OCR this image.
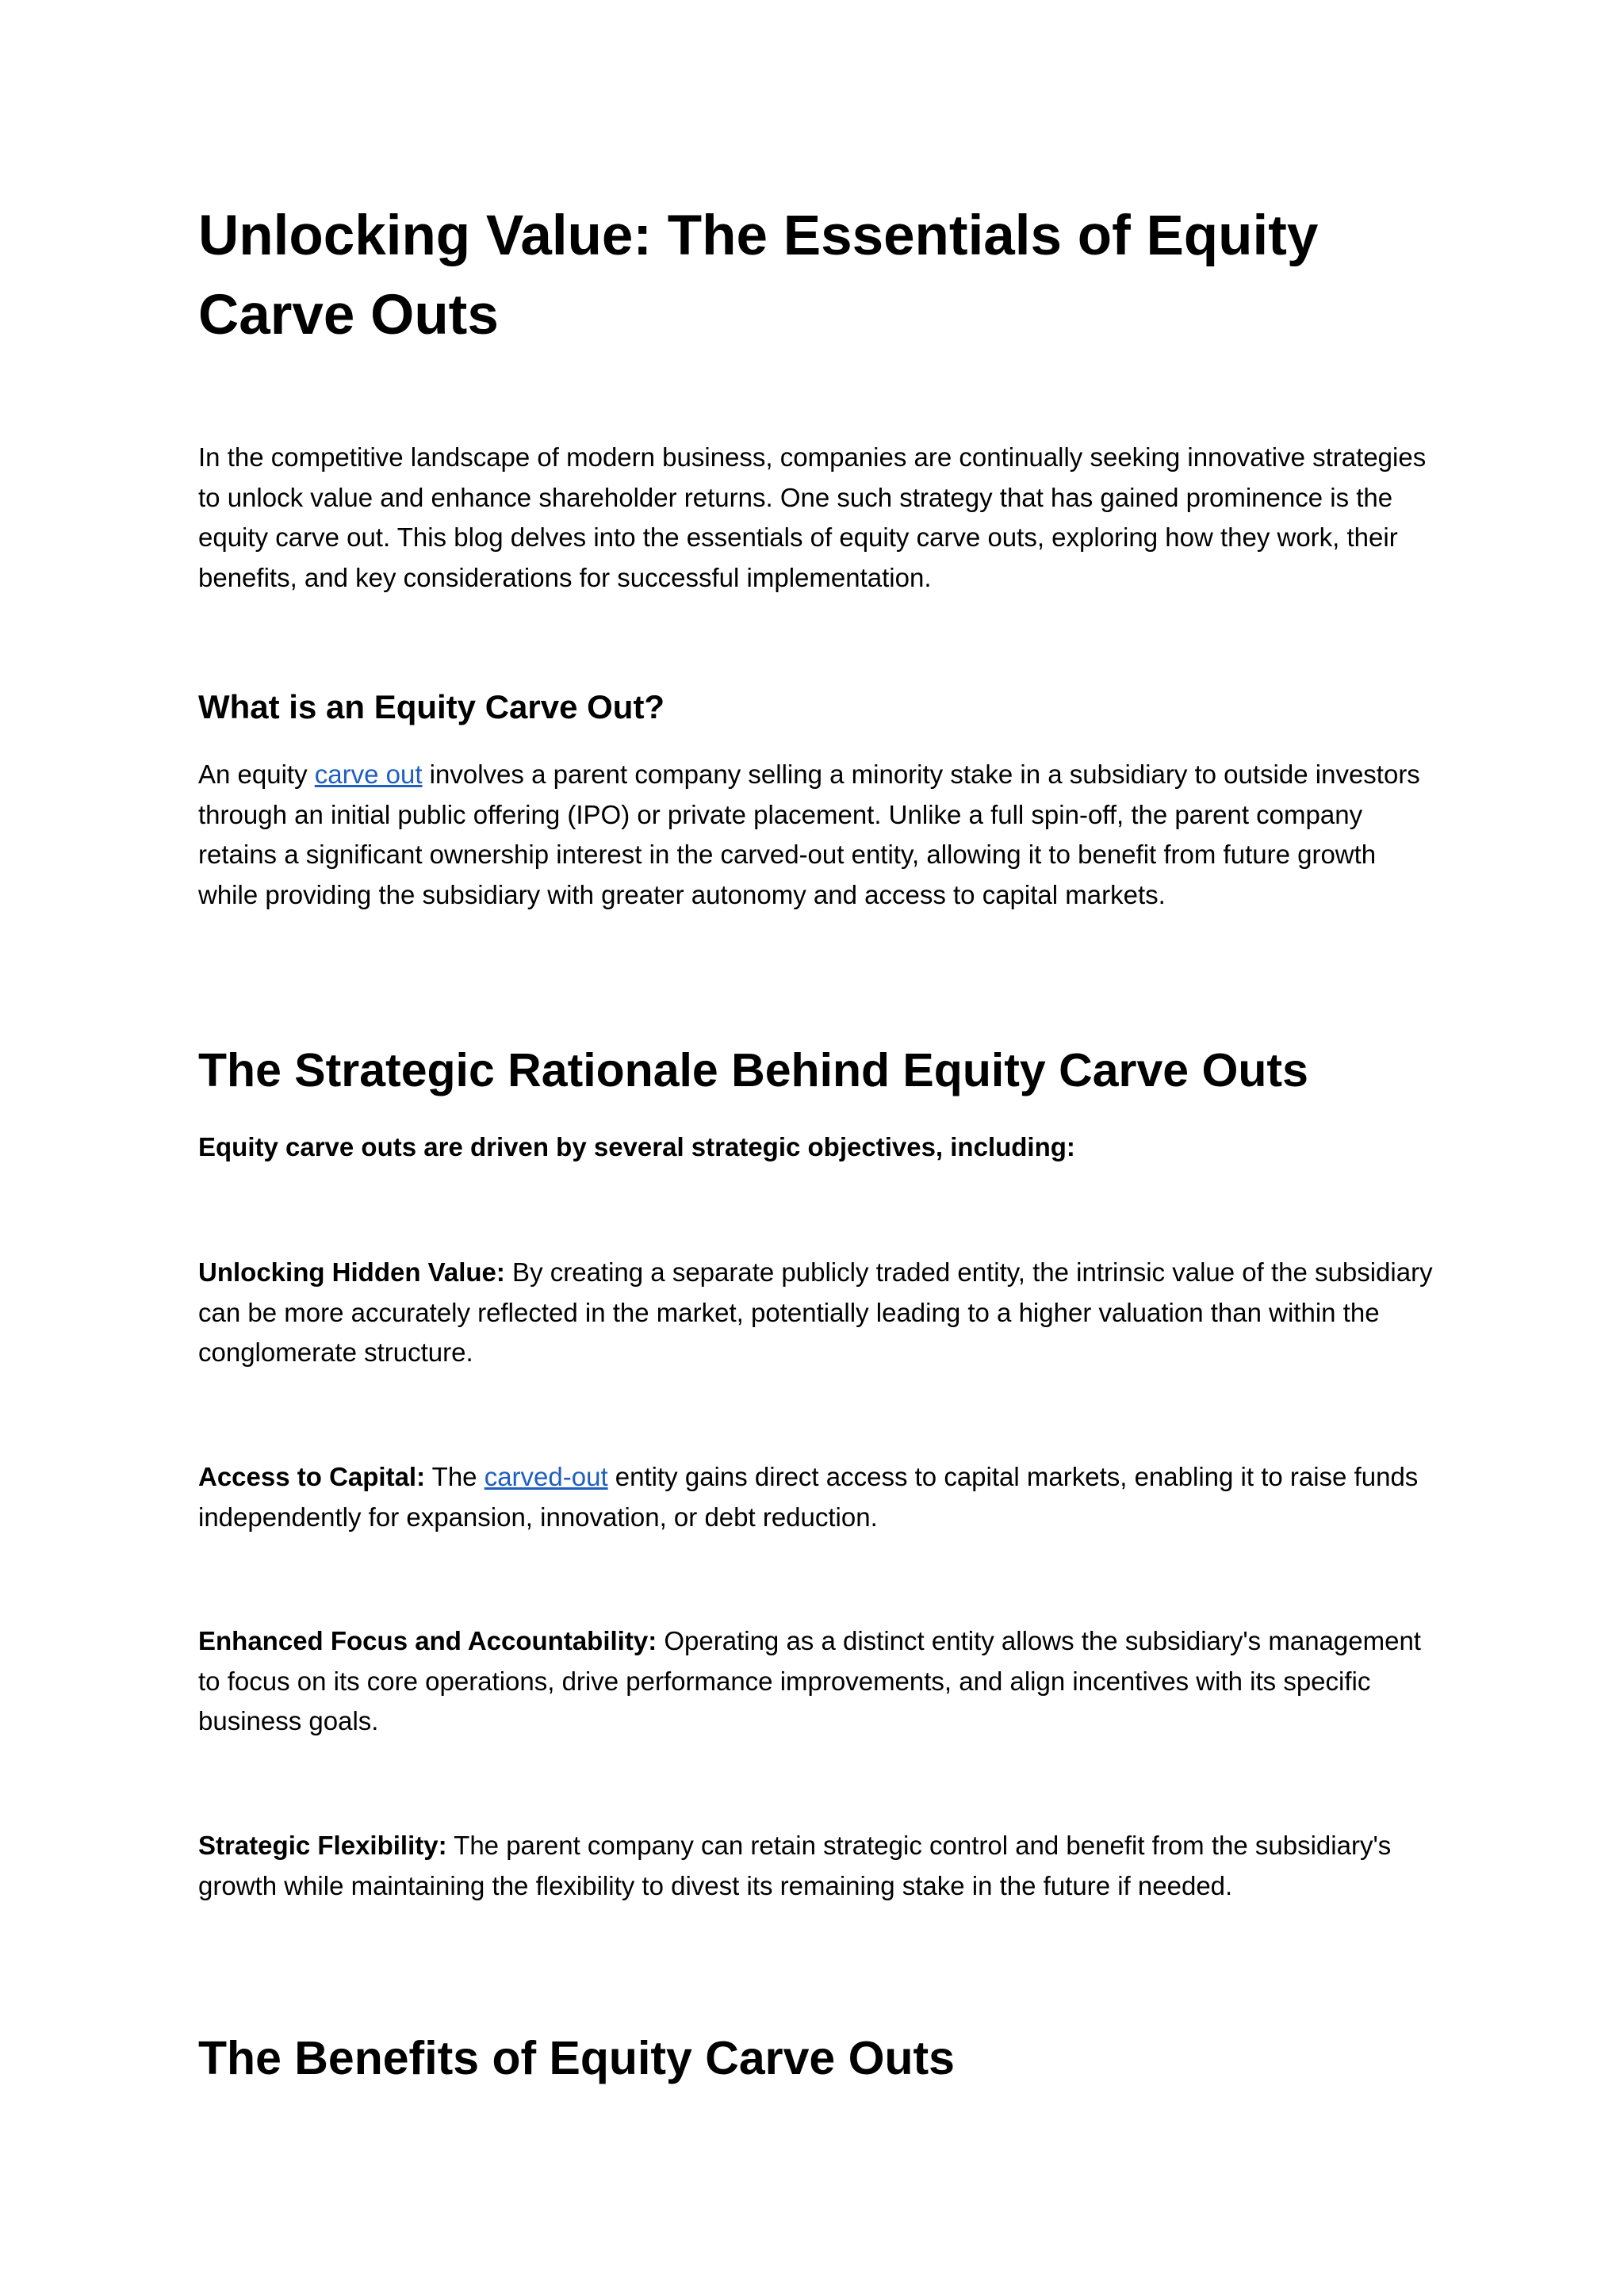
Unlocking Value: The Essentials of Equity Carve Outs

In the competitive landscape of modern business, companies are continually seeking innovative strategies to unlock value and enhance shareholder returns. One such strategy that has gained prominence is the equity carve out. This blog delves into the essentials of equity carve outs, exploring how they work, their benefits, and key considerations for successful implementation.

What is an Equity Carve Out?

An equity carve out involves a parent company selling a minority stake in a subsidiary to outside investors through an initial public offering (IPO) or private placement. Unlike a full spin-off, the parent company retains a significant ownership interest in the carved-out entity, allowing it to benefit from future growth while providing the subsidiary with greater autonomy and access to capital markets.

The Strategic Rationale Behind Equity Carve Outs

Equity carve outs are driven by several strategic objectives, including:

Unlocking Hidden Value: By creating a separate publicly traded entity, the intrinsic value of the subsidiary can be more accurately reflected in the market, potentially leading to a higher valuation than within the conglomerate structure.

Access to Capital: The carved-out entity gains direct access to capital markets, enabling it to raise funds independently for expansion, innovation, or debt reduction.

Enhanced Focus and Accountability: Operating as a distinct entity allows the subsidiary's management to focus on its core operations, drive performance improvements, and align incentives with its specific business goals.

Strategic Flexibility: The parent company can retain strategic control and benefit from the subsidiary's growth while maintaining the flexibility to divest its remaining stake in the future if needed.

The Benefits of Equity Carve Outs
